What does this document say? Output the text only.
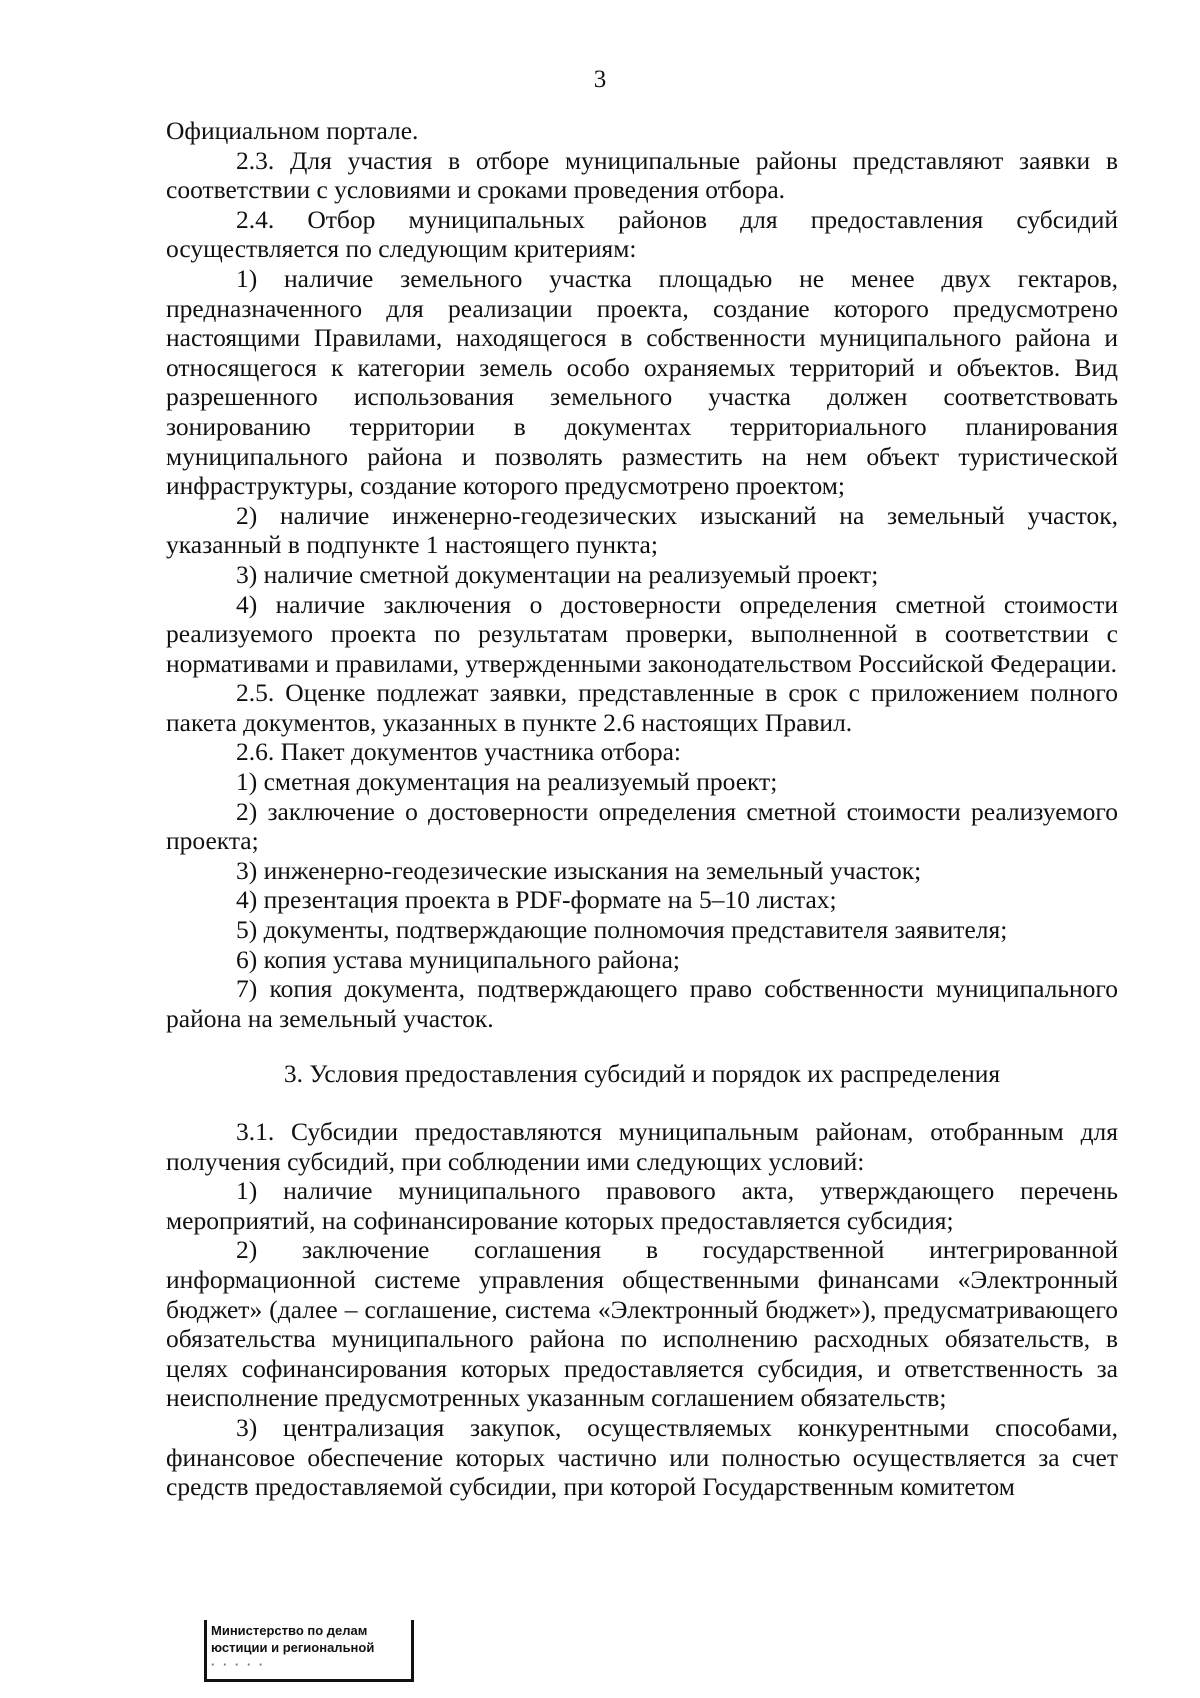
3

Официальном портале.

2.3. Для участия в отборе муниципальные районы представляют заявки в соответствии с условиями и сроками проведения отбора.

2.4. Отбор муниципальных районов для предоставления субсидий осуществляется по следующим критериям:

1) наличие земельного участка площадью не менее двух гектаров, предназначенного для реализации проекта, создание которого предусмотрено настоящими Правилами, находящегося в собственности муниципального района и относящегося к категории земель особо охраняемых территорий и объектов. Вид разрешенного использования земельного участка должен соответствовать зонированию территории в документах территориального планирования муниципального района и позволять разместить на нем объект туристической инфраструктуры, создание которого предусмотрено проектом;

2) наличие инженерно-геодезических изысканий на земельный участок, указанный в подпункте 1 настоящего пункта;

3) наличие сметной документации на реализуемый проект;

4) наличие заключения о достоверности определения сметной стоимости реализуемого проекта по результатам проверки, выполненной в соответствии с нормативами и правилами, утвержденными законодательством Российской Федерации.

2.5. Оценке подлежат заявки, представленные в срок с приложением полного пакета документов, указанных в пункте 2.6 настоящих Правил.

2.6. Пакет документов участника отбора:

1) сметная документация на реализуемый проект;

2) заключение о достоверности определения сметной стоимости реализуемого проекта;

3) инженерно-геодезические изыскания на земельный участок;

4) презентация проекта в PDF-формате на 5–10 листах;

5) документы, подтверждающие полномочия представителя заявителя;

6) копия устава муниципального района;

7) копия документа, подтверждающего право собственности муниципального района на земельный участок.

3. Условия предоставления субсидий и порядок их распределения

3.1. Субсидии предоставляются муниципальным районам, отобранным для получения субсидий, при соблюдении ими следующих условий:

1) наличие муниципального правового акта, утверждающего перечень мероприятий, на софинансирование которых предоставляется субсидия;

2) заключение соглашения в государственной интегрированной информационной системе управления общественными финансами «Электронный бюджет» (далее – соглашение, система «Электронный бюджет»), предусматривающего обязательства муниципального района по исполнению расходных обязательств, в целях софинансирования которых предоставляется субсидия, и ответственность за неисполнение предусмотренных указанным соглашением обязательств;

3) централизация закупок, осуществляемых конкурентными способами, финансовое обеспечение которых частично или полностью осуществляется за счет средств предоставляемой субсидии, при которой Государственным комитетом

Министерство по делам
юстиции и региональной
· · · · ·
